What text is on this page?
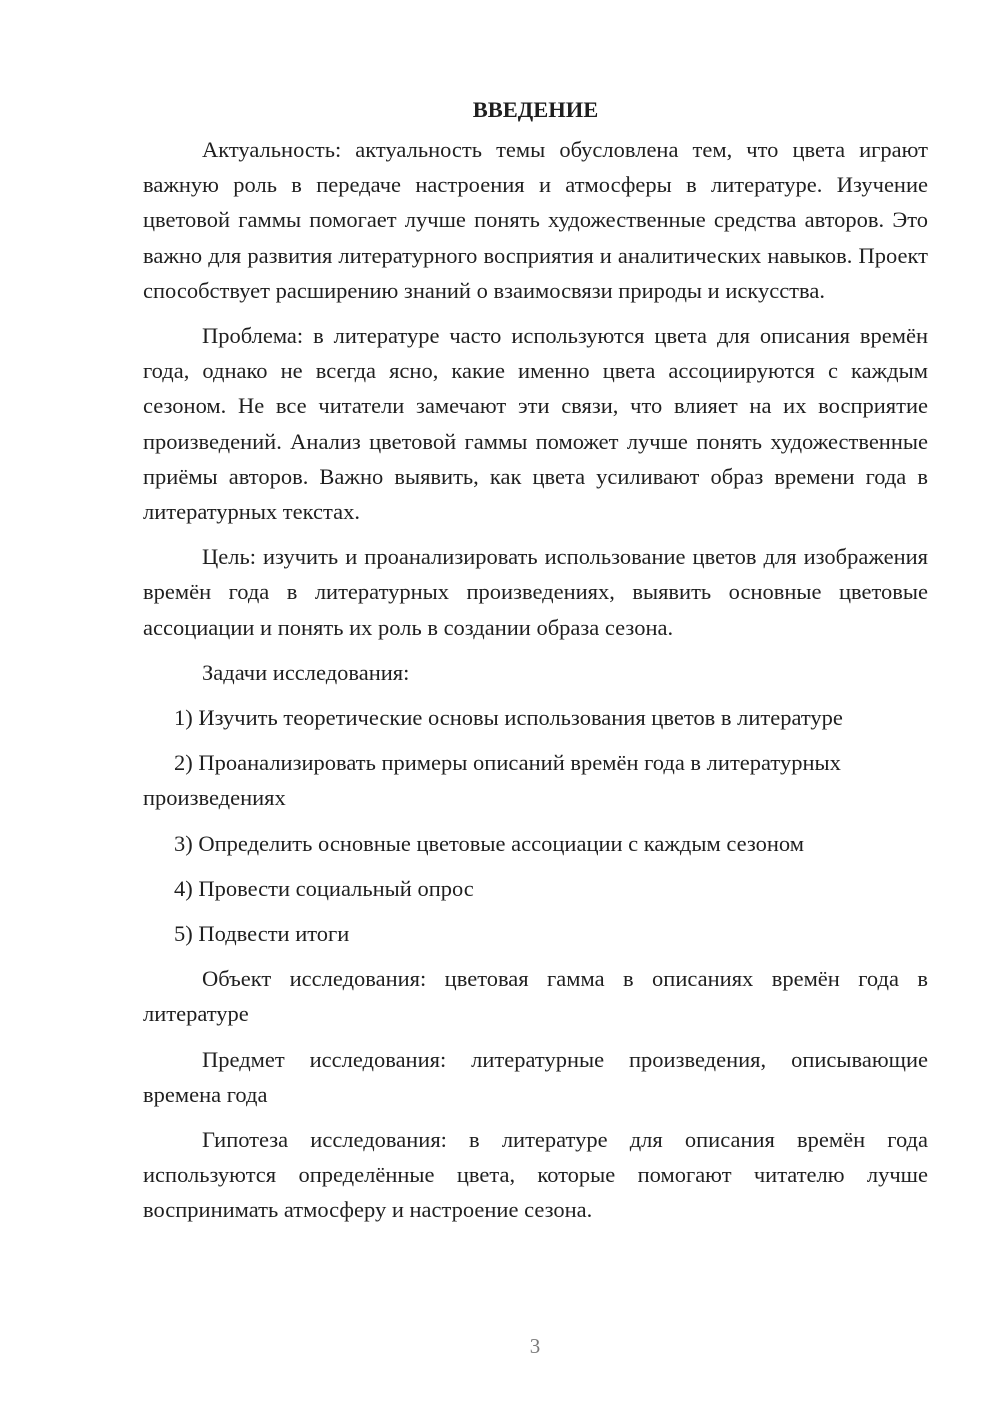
ВВЕДЕНИЕ

Актуальность: актуальность темы обусловлена тем, что цвета играют важную роль в передаче настроения и атмосферы в литературе. Изучение цветовой гаммы помогает лучше понять художественные средства авторов. Это важно для развития литературного восприятия и аналитических навыков. Проект способствует расширению знаний о взаимосвязи природы и искусства.

Проблема: в литературе часто используются цвета для описания времён года, однако не всегда ясно, какие именно цвета ассоциируются с каждым сезоном. Не все читатели замечают эти связи, что влияет на их восприятие произведений. Анализ цветовой гаммы поможет лучше понять художественные приёмы авторов. Важно выявить, как цвета усиливают образ времени года в литературных текстах.

Цель: изучить и проанализировать использование цветов для изображения времён года в литературных произведениях, выявить основные цветовые ассоциации и понять их роль в создании образа сезона.

Задачи исследования:

1) Изучить теоретические основы использования цветов в литературе

2) Проанализировать примеры описаний времён года в литературных произведениях

3) Определить основные цветовые ассоциации с каждым сезоном

4) Провести социальный опрос

5) Подвести итоги

Объект исследования: цветовая гамма в описаниях времён года в литературе

Предмет исследования: литературные произведения, описывающие времена года

Гипотеза исследования: в литературе для описания времён года используются определённые цвета, которые помогают читателю лучше воспринимать атмосферу и настроение сезона.

3
